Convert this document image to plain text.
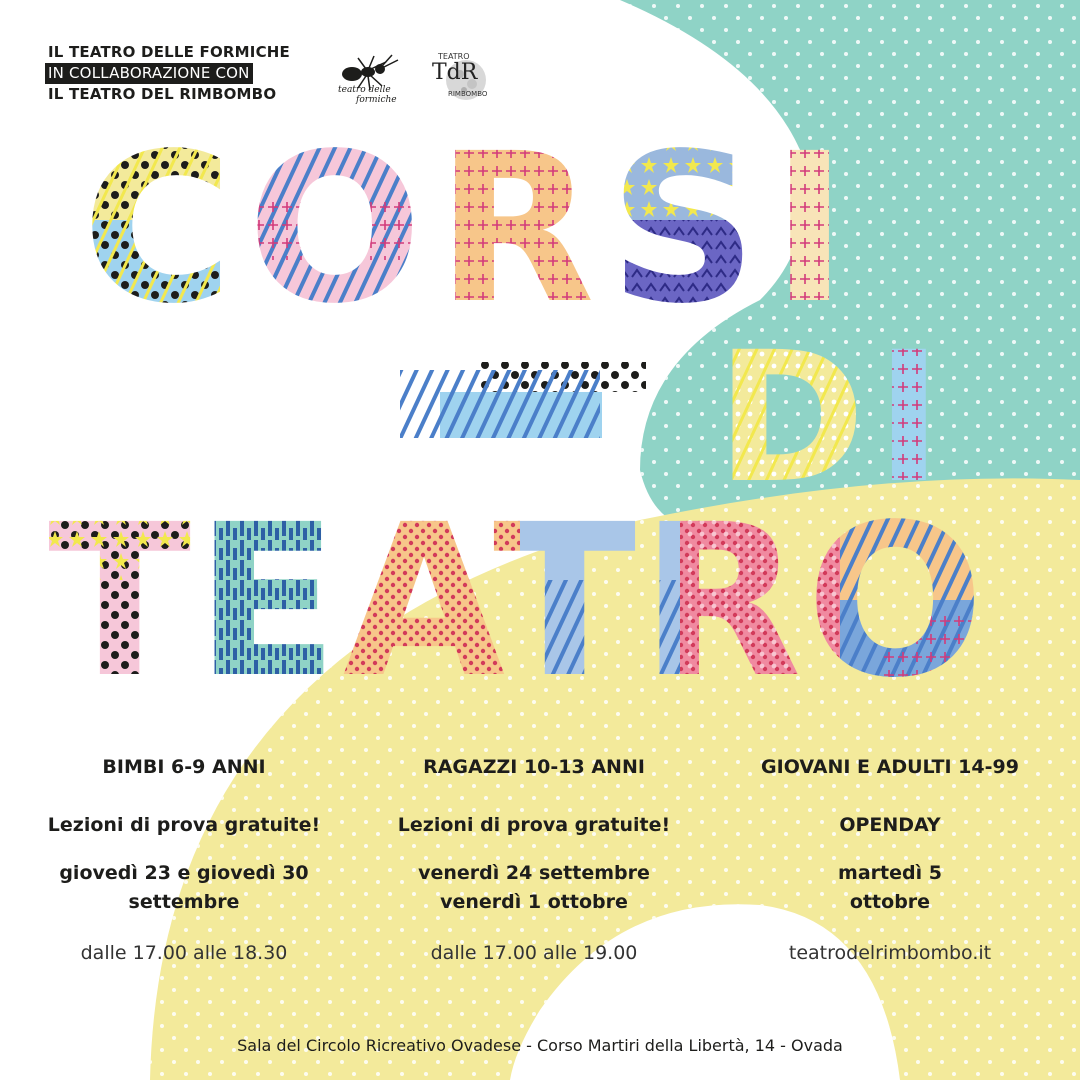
IL TEATRO DELLE FORMICHE
IN COLLABORAZIONE CON
IL TEATRO DEL RIMBOMBO	teatro delle
formiche
TEATRO
TdR
RIMBOMBO
BIMBI 6-9 ANNI
Lezioni di prova gratuite!
giovedì 23 e giovedì 30
settembre
dalle 17.00 alle 18.30
RAGAZZI 10-13 ANNI
Lezioni di prova gratuite!
venerdì 24 settembre
venerdì 1 ottobre
dalle 17.00 alle 19.00
GIOVANI E ADULTI 14-99
OPENDAY
martedì 5
ottobre
teatrodelrimbombo.it
Sala del Circolo Ricreativo Ovadese - Corso Martiri della Libertà, 14 - Ovada
